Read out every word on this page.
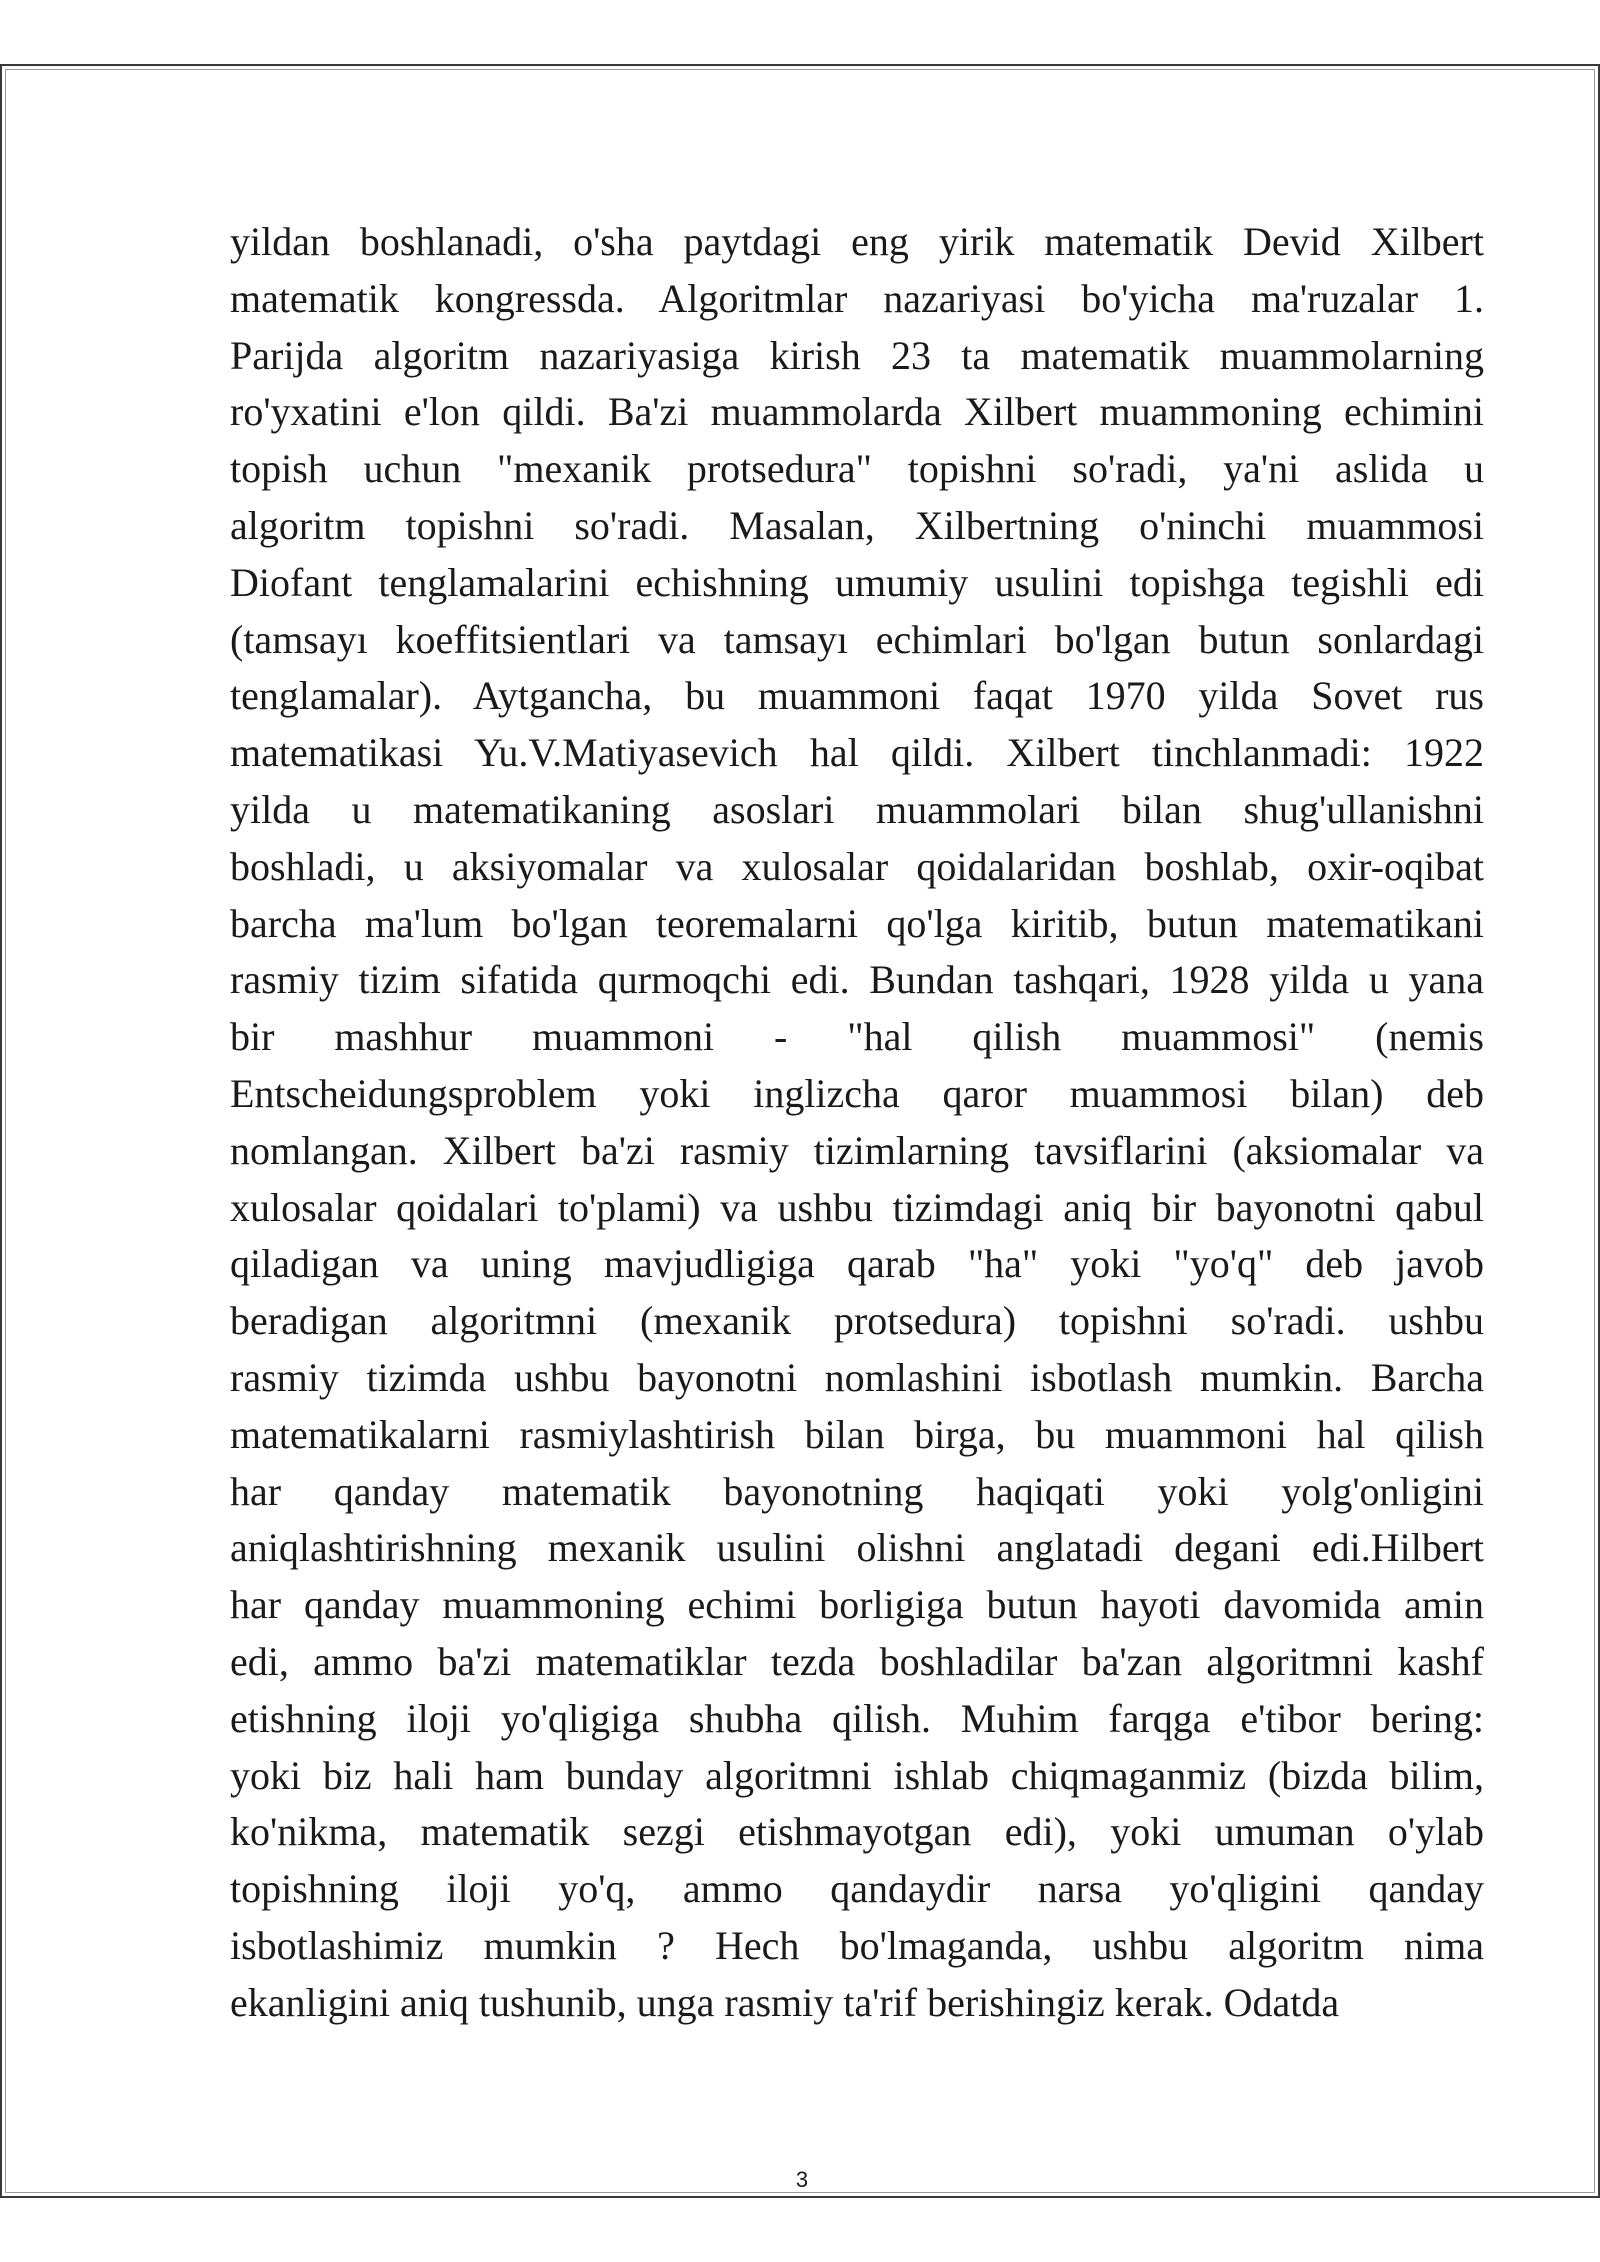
yildan boshlanadi, o'sha paytdagi eng yirik matematik Devid Xilbert
matematik kongressda. Algoritmlar nazariyasi bo'yicha ma'ruzalar 1.
Parijda algoritm nazariyasiga kirish 23 ta matematik muammolarning
ro'yxatini e'lon qildi. Ba'zi muammolarda Xilbert muammoning echimini
topish uchun "mexanik protsedura" topishni so'radi, ya'ni aslida u
algoritm topishni so'radi. Masalan, Xilbertning o'ninchi muammosi
Diofant tenglamalarini echishning umumiy usulini topishga tegishli edi
(tamsayı koeffitsientlari va tamsayı echimlari bo'lgan butun sonlardagi
tenglamalar). Aytgancha, bu muammoni faqat 1970 yilda Sovet rus
matematikasi Yu.V.Matiyasevich hal qildi. Xilbert tinchlanmadi: 1922
yilda u matematikaning asoslari muammolari bilan shug'ullanishni
boshladi, u aksiyomalar va xulosalar qoidalaridan boshlab, oxir-oqibat
barcha ma'lum bo'lgan teoremalarni qo'lga kiritib, butun matematikani
rasmiy tizim sifatida qurmoqchi edi. Bundan tashqari, 1928 yilda u yana
bir mashhur muammoni - "hal qilish muammosi" (nemis
Entscheidungsproblem yoki inglizcha qaror muammosi bilan) deb
nomlangan. Xilbert ba'zi rasmiy tizimlarning tavsiflarini (aksiomalar va
xulosalar qoidalari to'plami) va ushbu tizimdagi aniq bir bayonotni qabul
qiladigan va uning mavjudligiga qarab "ha" yoki "yo'q" deb javob
beradigan algoritmni (mexanik protsedura) topishni so'radi. ushbu
rasmiy tizimda ushbu bayonotni nomlashini isbotlash mumkin. Barcha
matematikalarni rasmiylashtirish bilan birga, bu muammoni hal qilish
har qanday matematik bayonotning haqiqati yoki yolg'onligini
aniqlashtirishning mexanik usulini olishni anglatadi degani edi.Hilbert
har qanday muammoning echimi borligiga butun hayoti davomida amin
edi, ammo ba'zi matematiklar tezda boshladilar ba'zan algoritmni kashf
etishning iloji yo'qligiga shubha qilish. Muhim farqga e'tibor bering:
yoki biz hali ham bunday algoritmni ishlab chiqmaganmiz (bizda bilim,
ko'nikma, matematik sezgi etishmayotgan edi), yoki umuman o'ylab
topishning iloji yo'q, ammo qandaydir narsa yo'qligini qanday
isbotlashimiz mumkin ? Hech bo'lmaganda, ushbu algoritm nima
ekanligini aniq tushunib, unga rasmiy ta'rif berishingiz kerak. Odatda
3
